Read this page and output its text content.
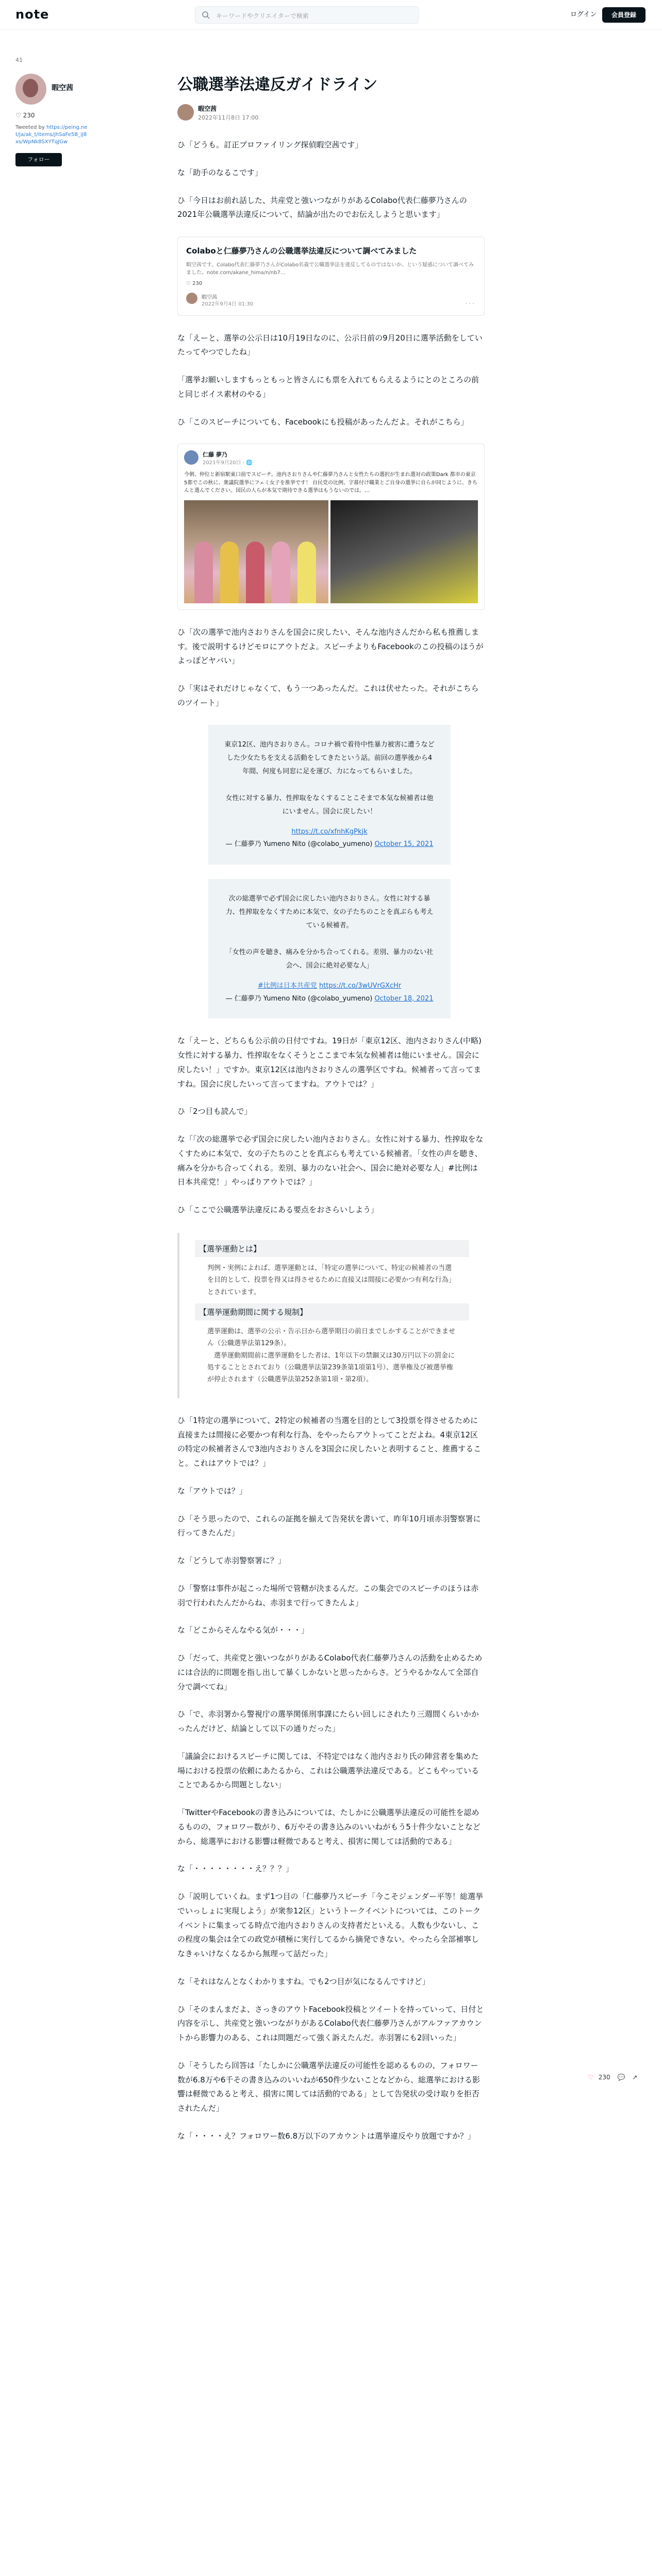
note	キーワードやクリエイターで検索	ログイン	会員登録
41
暇空茜
♡ 230
Tweeted by https://peing.net/ja/ak_t/items/jhSaFe5B_iJ8xs/WpNk8SXYTqJGw
フォロー
公職選挙法違反ガイドライン
暇空茜
2022年11月8日 17:00

ひ「どうも。訂正プロファイリング探偵暇空茜です」

な「助手のなるこです」

ひ「今日はお前れ話した、共産党と強いつながりがあるColabo代表仁藤夢乃さんの2021年公職選挙法違反について、結論が出たのでお伝えしようと思います」

Colaboと仁藤夢乃さんの公職選挙法違反について調べてみました
暇空茜です。Colabo代表仁藤夢乃さんがColabo名義で公職選挙法を違反してるのではないか、という疑惑について調べてみました。note.com/akane_hima/n/nb7…
♡ 230
暇空茜
2022年9月4日 01:30	···

な「えーと、選挙の公示日は10月19日なのに、公示日前の9月20日に選挙活動をしていたってやつでしたね」

「選挙お願いしますもっともっと皆さんにも票を入れてもらえるようにとのところの前と同じボイス素材のやる」

ひ「このスピーチについても、Facebookにも投稿があったんだよ。それがこちら」

仁藤 夢乃
2021年9月20日 · 🌐
今朝、仲位と新宿駅東口前でスピーチ。池内さおりさんや仁藤夢乃さんと女性たちの選択が生まれ選対の政策Dark 都市の東京 5都でこの秋に、衆議院選挙にフェミ女子を推挙です！ 自民党の比例、字幕付け職業とご自身の選挙に自らが同じように、きちんと選んでください。国民の人らが本気で期待できる選挙はもうないのでは。…

ひ「次の選挙で池内さおりさんを国会に戻したい、そんな池内さんだから私も推薦します。後で説明するけどモロにアウトだよ。スピーチよりもFacebookのこの投稿のほうがよっぽどヤバい」

ひ「実はそれだけじゃなくて、もう一つあったんだ。これは伏せたった。それがこちらのツイート」

東京12区、池内さおりさん。コロナ禍で着待中性暴力被害に遭うなどした少女たちを支える活動をしてきたという話。前回の選挙後から4年間、何度も同窓に足を運び、力になってもらいました。

女性に対する暴力、性搾取をなくすることこそまで本気な候補者は他にいません。国会に戻したい！
https://t.co/xfnhKgPkjk
— 仁藤夢乃 Yumeno Nito (@colabo_yumeno) October 15, 2021
次の総選挙で必ず国会に戻したい池内さおりさん。女性に対する暴力、性搾取をなくすために本気で、女の子たちのことを真ぶらも考えている候補者。

「女性の声を聴き、痛みを分かち合ってくれる。差別、暴力のない社会へ、国会に絶対必要な人」
#比例は日本共産党 https://t.co/3wUVrGXcHr
— 仁藤夢乃 Yumeno Nito (@colabo_yumeno) October 18, 2021

な「えーと、どちらも公示前の日付ですね。19日が「東京12区、池内さおりさん(中略)女性に対する暴力、性搾取をなくそうとここまで本気な候補者は他にいません。国会に戻したい！」ですか。東京12区は池内さおりさんの選挙区ですね。候補者って言ってますね。国会に戻したいって言ってますね。アウトでは？」

ひ「2つ目も読んで」

な「「次の総選挙で必ず国会に戻したい池内さおりさん。女性に対する暴力、性搾取をなくすために本気で、女の子たちのことを真ぶらも考えている候補者。「女性の声を聴き、痛みを分かち合ってくれる。差別、暴力のない社会へ、国会に絶対必要な人」#比例は日本共産党！」やっぱりアウトでは？」

ひ「ここで公職選挙法違反にある要点をおさらいしよう」

【選挙運動とは】
判例・実例によれば、選挙運動とは、「特定の選挙について、特定の候補者の当選を目的として、投票を得又は得させるために直接又は間接に必要かつ有利な行為」とされています。
【選挙運動期間に関する規制】
選挙運動は、選挙の公示・告示日から選挙期日の前日までしかすることができません（公職選挙法第129条）。
　選挙運動期間前に選挙運動をした者は、1年以下の禁錮又は30万円以下の罰金に処することとされており（公職選挙法第239条第1項第1号）、選挙権及び被選挙権が停止されます（公職選挙法第252条第1項・第2項）。

ひ「1特定の選挙について、2特定の候補者の当選を目的として3投票を得させるために直接または間接に必要かつ有利な行為、をやったらアウトってことだよね。4東京12区の特定の候補者さんで3池内さおりさんを3国会に戻したいと表明すること、推薦すること。これはアウトでは？」

な「アウトでは？」

ひ「そう思ったので、これらの証拠を揃えて告発状を書いて、昨年10月頃赤羽警察署に行ってきたんだ」

な「どうして赤羽警察署に？」

ひ「警察は事件が起こった場所で管轄が決まるんだ。この集会でのスピーチのほうは赤羽で行われたんだからね、赤羽まで行ってきたんよ」

な「どこからそんなやる気が・・・」

ひ「だって、共産党と強いつながりがあるColabo代表仁藤夢乃さんの活動を止めるためには合法的に問題を指し出して暴くしかないと思ったからさ。どうやるかなんて全部自分で調べてね」

ひ「で、赤羽署から警視庁の選挙関係刑事課にたらい回しにされたり三週間くらいかかったんだけど、結論として以下の通りだった」

「議論会におけるスピーチに関しては、不特定ではなく池内さおり氏の陣営者を集めた場における投票の依頼にあたるから、これは公職選挙法違反である。どこもやっていることであるから問題としない」

「TwitterやFacebookの書き込みについては、たしかに公職選挙法違反の可能性を認めるものの、フォロワー数がり、6万やその書き込みのいいねがもう5十件少ないことなどから、総選挙における影響は軽微であると考え、損害に関しては活動的である」

な「・・・・・・・・え？？？」

ひ「説明していくね。まず1つ目の「仁藤夢乃スピーチ「今こそジェンダー平等！総選挙でいっしょに実現しよう」が衆参12区」というトークイベントについては、このトークイベントに集まってる時点で池内さおりさんの支持者だといえる。人数も少ないし、この程度の集会は全ての政党が積極に実行してるから摘発できない。やったら全部補寧しなきゃいけなくなるから無理って話だった」

な「それはなんとなくわかりますね。でも2つ目が気になるんですけど」

ひ「そのまんまだよ、さっきのアウトFacebook投稿とツイートを持っていって、日付と内容を示し、共産党と強いつながりがあるColabo代表仁藤夢乃さんがアルファアカウントから影響力のある、これは問題だって強く訴えたんだ。赤羽署にも2回いった」

ひ「そうしたら回答は「たしかに公職選挙法違反の可能性を認めるものの、フォロワー数が6.8万や6千その書き込みのいいねが650件少ないことなどから、総選挙における影響は軽微であると考え、損害に関しては活動的である」として告発状の受け取りを拒否されたんだ」

な「・・・・え？フォロワー数6.8万以下のアカウントは選挙違反やり放題ですか？」

♡ 230 💬 ↗
